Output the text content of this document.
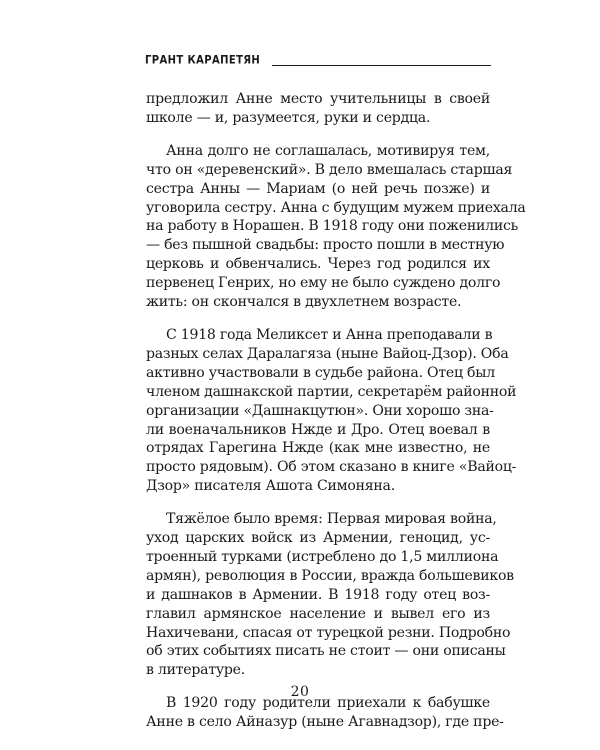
ГРАНТ КАРАПЕТЯН

предложил Анне место учительницы в своей
школе — и, разумеется, руки и сердца.

Анна долго не соглашалась, мотивируя тем,
что он «деревенский». В дело вмешалась старшая
сестра Анны — Мариам (о ней речь позже) и
уговорила сестру. Анна с будущим мужем приехала
на работу в Норашен. В 1918 году они поженились
— без пышной свадьбы: просто пошли в местную
церковь и обвенчались. Через год родился их
первенец Генрих, но ему не было суждено долго
жить: он скончался в двухлетнем возрасте.

С 1918 года Меликсет и Анна преподавали в
разных селах Даралагяза (ныне Вайоц-Дзор). Оба
активно участвовали в судьбе района. Отец был
членом дашнакской партии, секретарём районной
организации «Дашнакцутюн». Они хорошо зна-
ли военачальников Нжде и Дро. Отец воевал в
отрядах Гарегина Нжде (как мне известно, не
просто рядовым). Об этом сказано в книге «Вайоц-
Дзор» писателя Ашота Симоняна.

Тяжёлое было время: Первая мировая война,
уход царских войск из Армении, геноцид, ус-
троенный турками (истреблено до 1,5 миллиона
армян), революция в России, вражда большевиков
и дашнаков в Армении. В 1918 году отец воз-
главил армянское население и вывел его из
Нахичевани, спасая от турецкой резни. Подробно
об этих событиях писать не стоит — они описаны
в литературе.

В 1920 году родители приехали к бабушке
Анне в село Айназур (ныне Агавнадзор), где пре-

20
